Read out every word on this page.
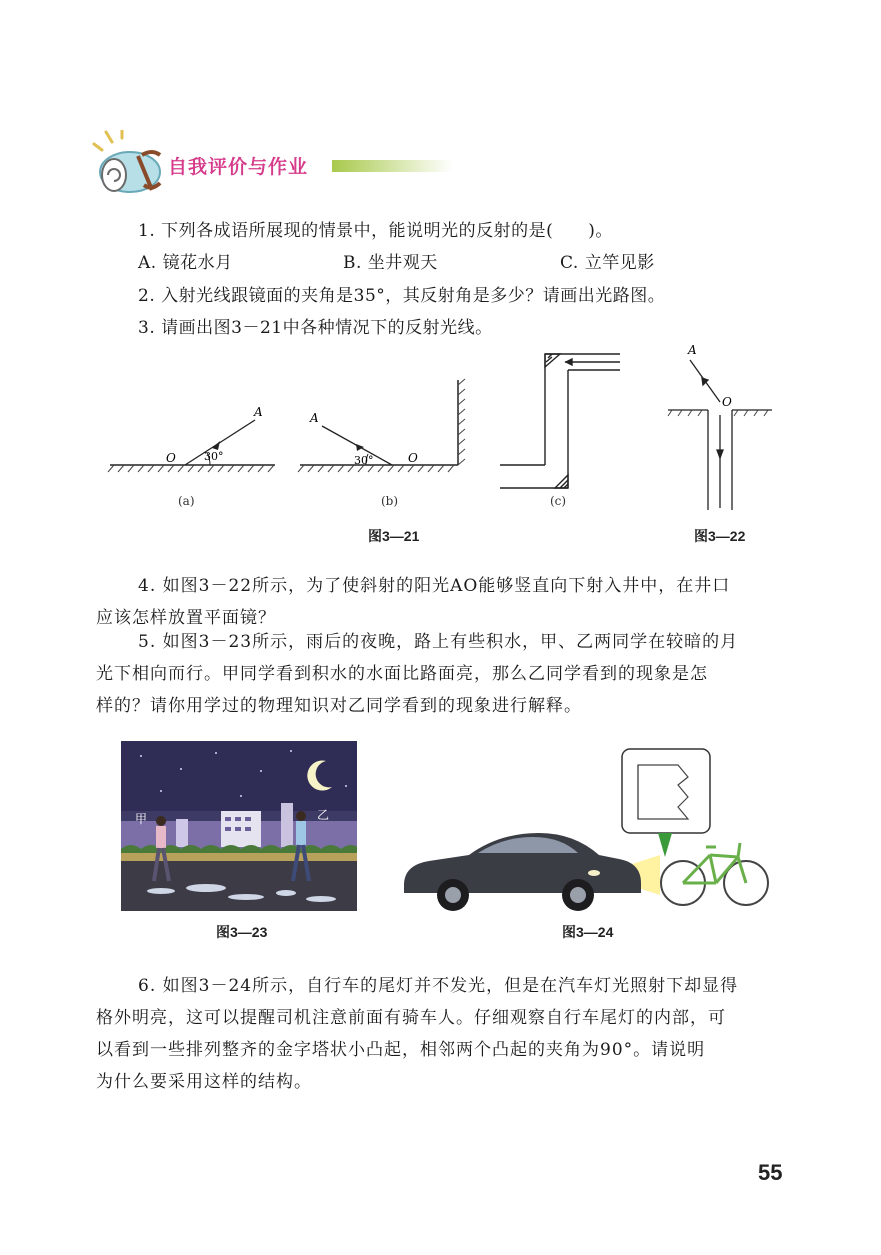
自我评价与作业
1. 下列各成语所展现的情景中，能说明光的反射的是(　　)。
A. 镜花水月	B. 坐井观天	C. 立竿见影
2. 入射光线跟镜面的夹角是35°，其反射角是多少？请画出光路图。
3. 请画出图3－21中各种情况下的反射光线。
A
O	30°
A
O
30°
A
O
(a)	(b)	(c)
图3—21	图3—22
4. 如图3－22所示，为了使斜射的阳光AO能够竖直向下射入井中，在井口
应该怎样放置平面镜？
5. 如图3－23所示，雨后的夜晚，路上有些积水，甲、乙两同学在较暗的月
光下相向而行。甲同学看到积水的水面比路面亮，那么乙同学看到的现象是怎
样的？请你用学过的物理知识对乙同学看到的现象进行解释。
甲	乙
图3—23	图3—24
6. 如图3－24所示，自行车的尾灯并不发光，但是在汽车灯光照射下却显得
格外明亮，这可以提醒司机注意前面有骑车人。仔细观察自行车尾灯的内部，可
以看到一些排列整齐的金字塔状小凸起，相邻两个凸起的夹角为90°。请说明
为什么要采用这样的结构。
55
